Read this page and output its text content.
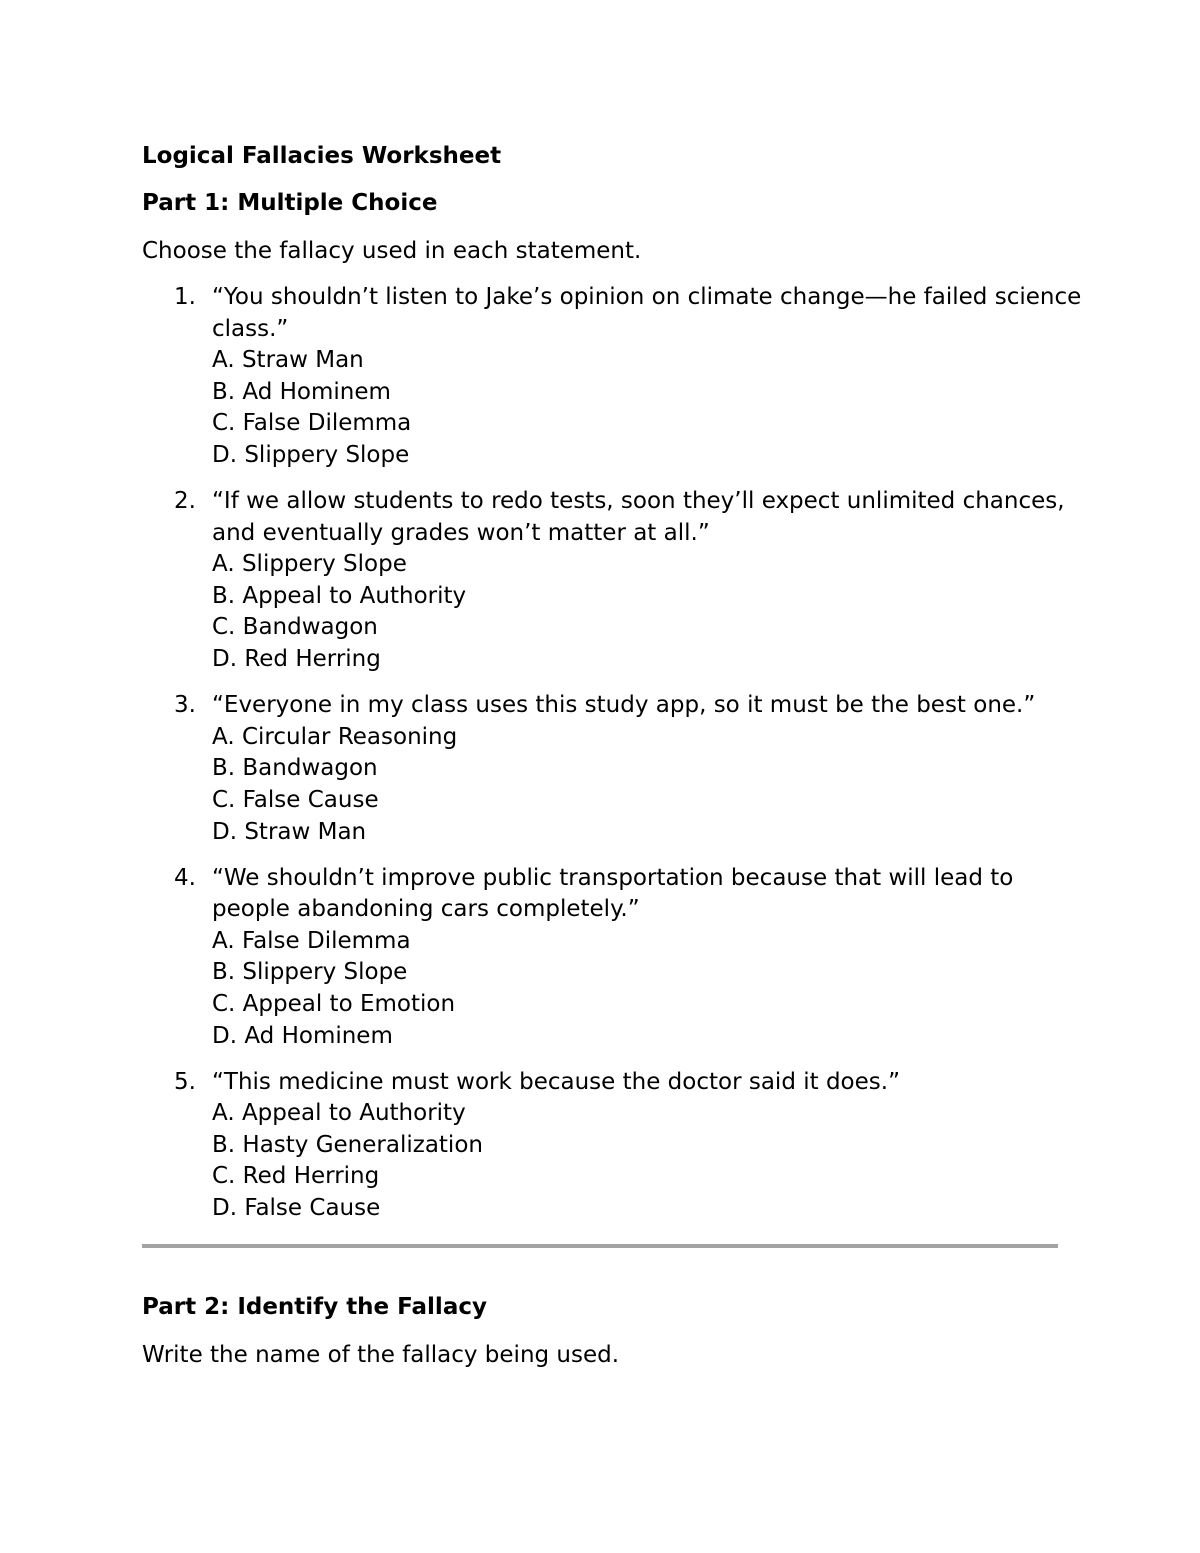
Logical Fallacies Worksheet
Part 1: Multiple Choice
Choose the fallacy used in each statement.
1. “You shouldn’t listen to Jake’s opinion on climate change—he failed science class.”
A. Straw Man
B. Ad Hominem
C. False Dilemma
D. Slippery Slope
2. “If we allow students to redo tests, soon they’ll expect unlimited chances, and eventually grades won’t matter at all.”
A. Slippery Slope
B. Appeal to Authority
C. Bandwagon
D. Red Herring
3. “Everyone in my class uses this study app, so it must be the best one.”
A. Circular Reasoning
B. Bandwagon
C. False Cause
D. Straw Man
4. “We shouldn’t improve public transportation because that will lead to people abandoning cars completely.”
A. False Dilemma
B. Slippery Slope
C. Appeal to Emotion
D. Ad Hominem
5. “This medicine must work because the doctor said it does.”
A. Appeal to Authority
B. Hasty Generalization
C. Red Herring
D. False Cause
Part 2: Identify the Fallacy
Write the name of the fallacy being used.
